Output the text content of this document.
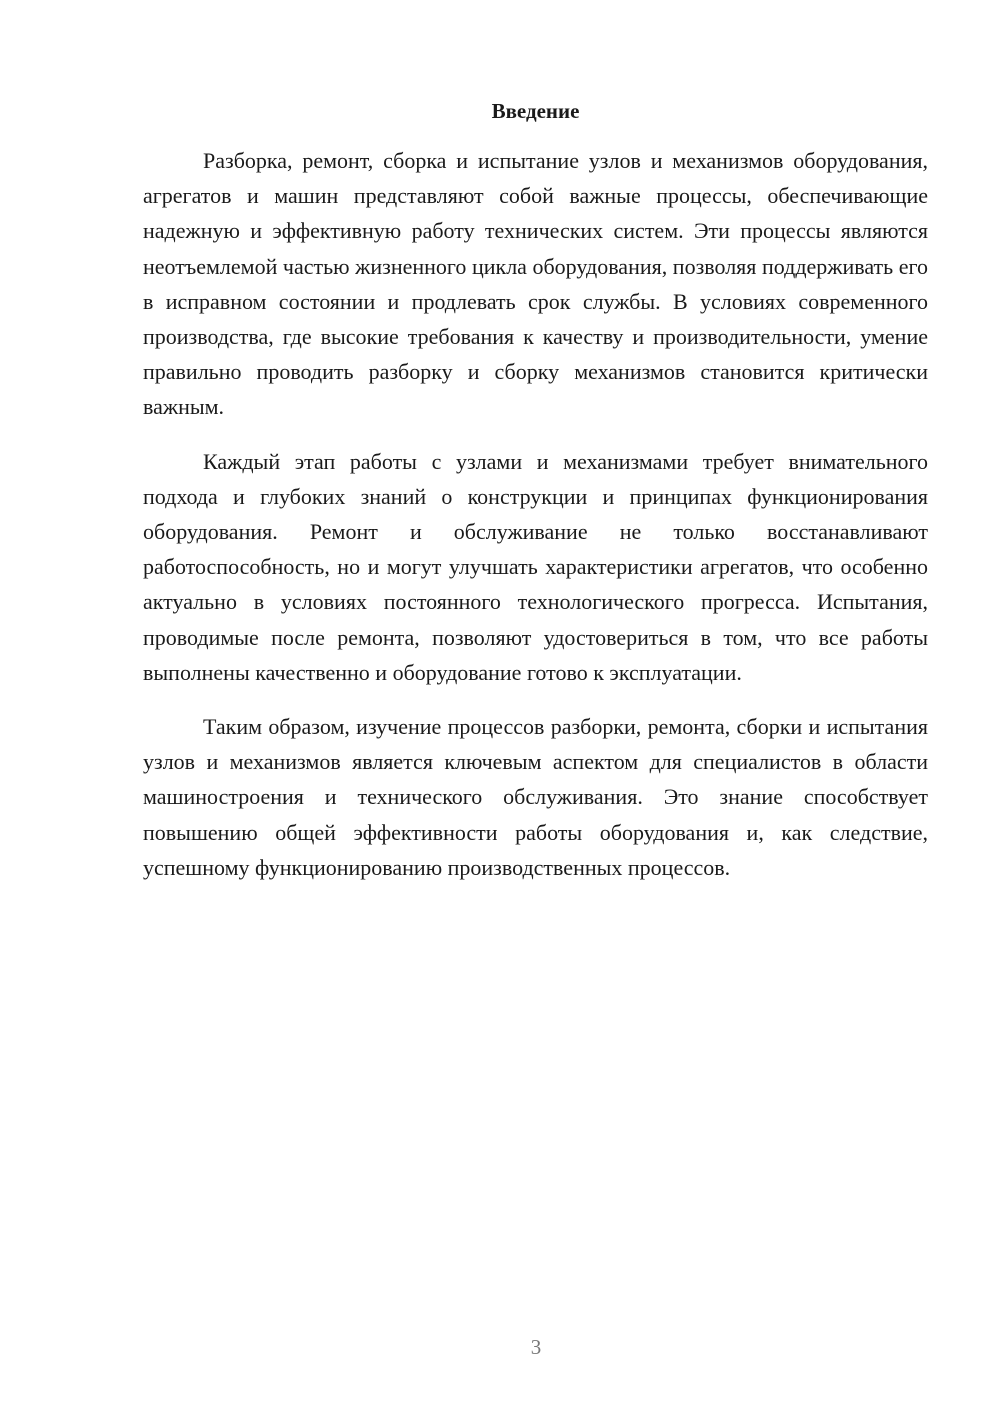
Введение

Разборка, ремонт, сборка и испытание узлов и механизмов оборудования, агрегатов и машин представляют собой важные процессы, обеспечивающие надежную и эффективную работу технических систем. Эти процессы являются неотъемлемой частью жизненного цикла оборудования, позволяя поддерживать его в исправном состоянии и продлевать срок службы. В условиях современного производства, где высокие требования к качеству и производительности, умение правильно проводить разборку и сборку механизмов становится критически важным.

Каждый этап работы с узлами и механизмами требует внимательного подхода и глубоких знаний о конструкции и принципах функционирования оборудования. Ремонт и обслуживание не только восстанавливают работоспособность, но и могут улучшать характеристики агрегатов, что особенно актуально в условиях постоянного технологического прогресса. Испытания, проводимые после ремонта, позволяют удостовериться в том, что все работы выполнены качественно и оборудование готово к эксплуатации.

Таким образом, изучение процессов разборки, ремонта, сборки и испытания узлов и механизмов является ключевым аспектом для специалистов в области машиностроения и технического обслуживания. Это знание способствует повышению общей эффективности работы оборудования и, как следствие, успешному функционированию производственных процессов.

3
